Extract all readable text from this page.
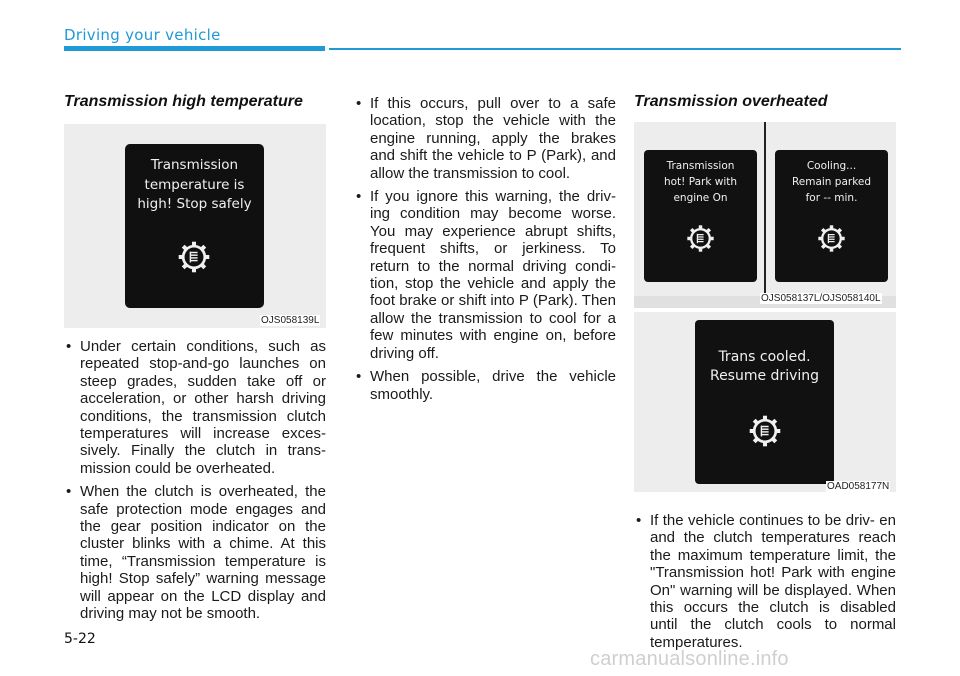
Driving your vehicle
Transmission high temperature
Transmission
temperature is
high! Stop safely
OJS058139L
• Under certain conditions, such as repeated stop-and-go launches on steep grades, sudden take off or acceleration, or other harsh driving conditions, the transmission clutch temperatures will increase exces- sively. Finally the clutch in trans- mission could be overheated.
• When the clutch is overheated, the safe protection mode engages and the gear position indicator on the cluster blinks with a chime. At this time, “Transmission temperature is high! Stop safely” warning message will appear on the LCD display and driving may not be smooth.
• If this occurs, pull over to a safe location, stop the vehicle with the engine running, apply the brakes and shift the vehicle to P (Park), and allow the transmission to cool.
• If you ignore this warning, the driv- ing condition may become worse. You may experience abrupt shifts, frequent shifts, or jerkiness. To return to the normal driving condi- tion, stop the vehicle and apply the foot brake or shift into P (Park). Then allow the transmission to cool for a few minutes with engine on, before driving off.
• When possible, drive the vehicle smoothly.
Transmission overheated
Transmission
hot! Park with
engine On
Cooling...
Remain parked
for -- min.
OJS058137L/OJS058140L
Trans cooled.
Resume driving
OAD058177N
• If the vehicle continues to be driv- en and the clutch temperatures reach the maximum temperature limit, the "Transmission hot! Park with engine On" warning will be displayed. When this occurs the clutch is disabled until the clutch cools to normal temperatures.
5-22
carmanualsonline.info
